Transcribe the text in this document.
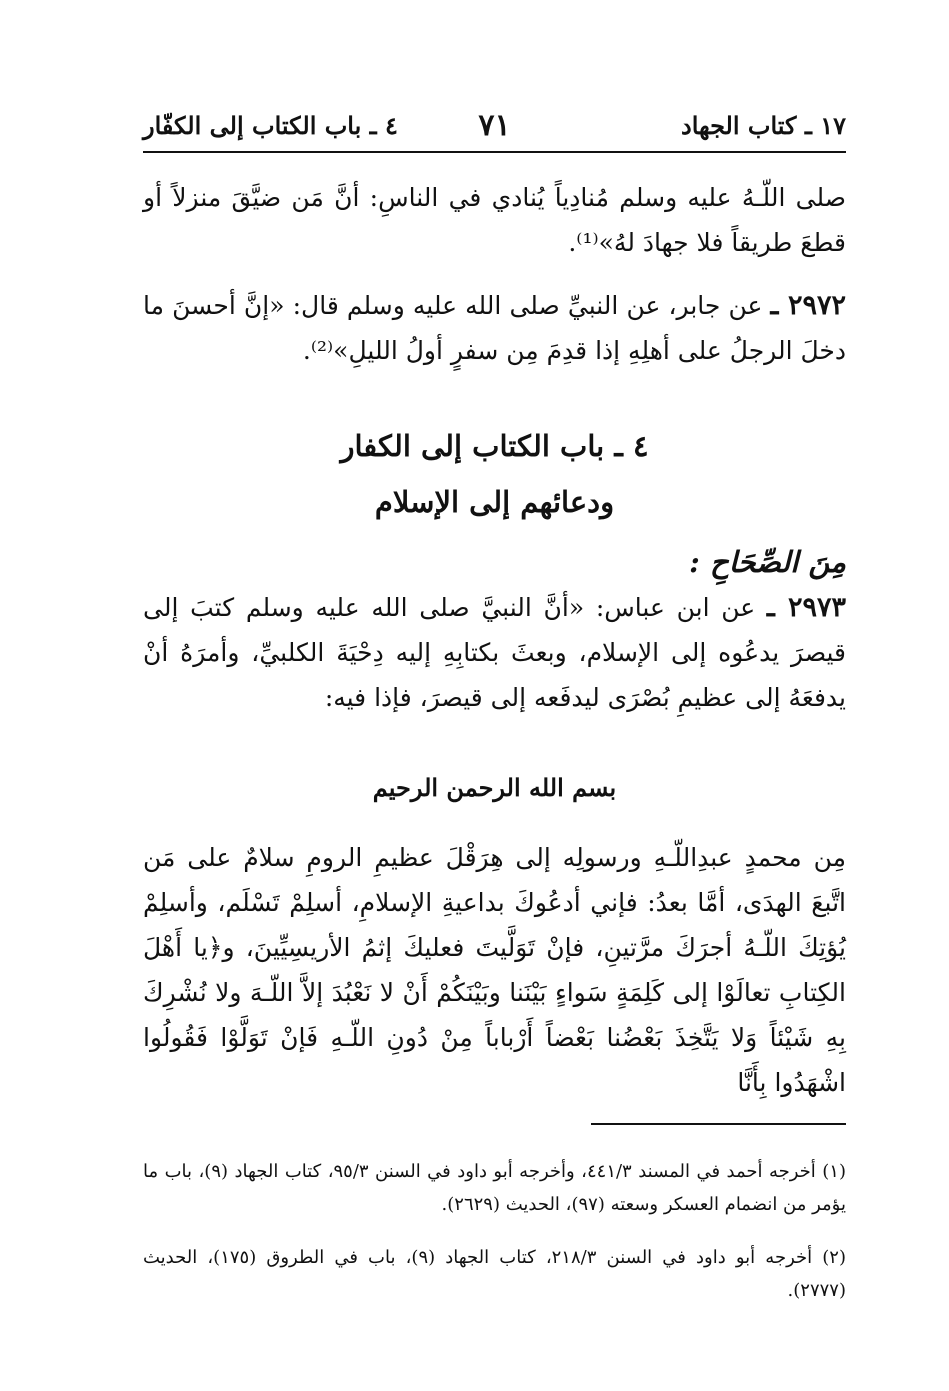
١٧ ـ كتاب الجهاد
٧١
٤ ـ باب الكتاب إلى الكفّار

صلى اللّـهُ عليه وسلم مُنادِياً يُنادي في الناسِ: أنَّ مَن ضيَّقَ منزلاً أو قطعَ طريقاً فلا جهادَ لهُ»⁽¹⁾.

٢٩٧٢ ـ عن جابر، عن النبيِّ صلى الله عليه وسلم قال: «إنَّ أحسنَ ما دخلَ الرجلُ على أهلِهِ إذا قدِمَ مِن سفرٍ أولُ الليلِ»⁽²⁾.

٤ ـ باب الكتاب إلى الكفار
ودعائهم إلى الإسلام
مِنَ الصِّحَاحِ :

٢٩٧٣ ـ عن ابن عباس: «أنَّ النبيَّ صلى الله عليه وسلم كتبَ إلى قيصرَ يدعُوه إلى الإسلام، وبعثَ بكتابِهِ إليه دِحْيَةَ الكلبيِّ، وأمرَهُ أنْ يدفعَهُ إلى عظيمِ بُصْرَى ليدفَعه إلى قيصرَ، فإذا فيه:

بسم الله الرحمن الرحيم

مِن محمدٍ عبدِاللّـهِ ورسولِه إلى هِرَقْلَ عظيمِ الرومِ سلامٌ على مَن اتَّبعَ الهدَى، أمَّا بعدُ: فإني أدعُوكَ بداعيةِ الإسلامِ، أسلِمْ تَسْلَم، وأسلِمْ يُؤتِكَ اللّـهُ أجرَكَ مرَّتينِ، فإنْ تَوَلَّيتَ فعليكَ إثمُ الأريسِيِّينَ، و﴿يا أَهْلَ الكِتابِ تعالَوْا إلى كَلِمَةٍ سَواءٍ بَيْنَنا وبَيْنَكُمْ أَنْ لا نَعْبُدَ إلاَّ اللّـهَ ولا نُشْرِكَ بِهِ شَيْئاً وَلا يَتَّخِذَ بَعْضُنا بَعْضاً أَرْباباً مِنْ دُونِ اللّـهِ فَإنْ تَوَلَّوْا فَقُولُوا اشْهَدُوا بِأَنَّا

(١) أخرجه أحمد في المسند ٤٤١/٣، وأخرجه أبو داود في السنن ٩٥/٣، كتاب الجهاد (٩)، باب ما يؤمر من انضمام العسكر وسعته (٩٧)، الحديث (٢٦٢٩).

(٢) أخرجه أبو داود في السنن ٢١٨/٣، كتاب الجهاد (٩)، باب في الطروق (١٧٥)، الحديث (٢٧٧٧).
